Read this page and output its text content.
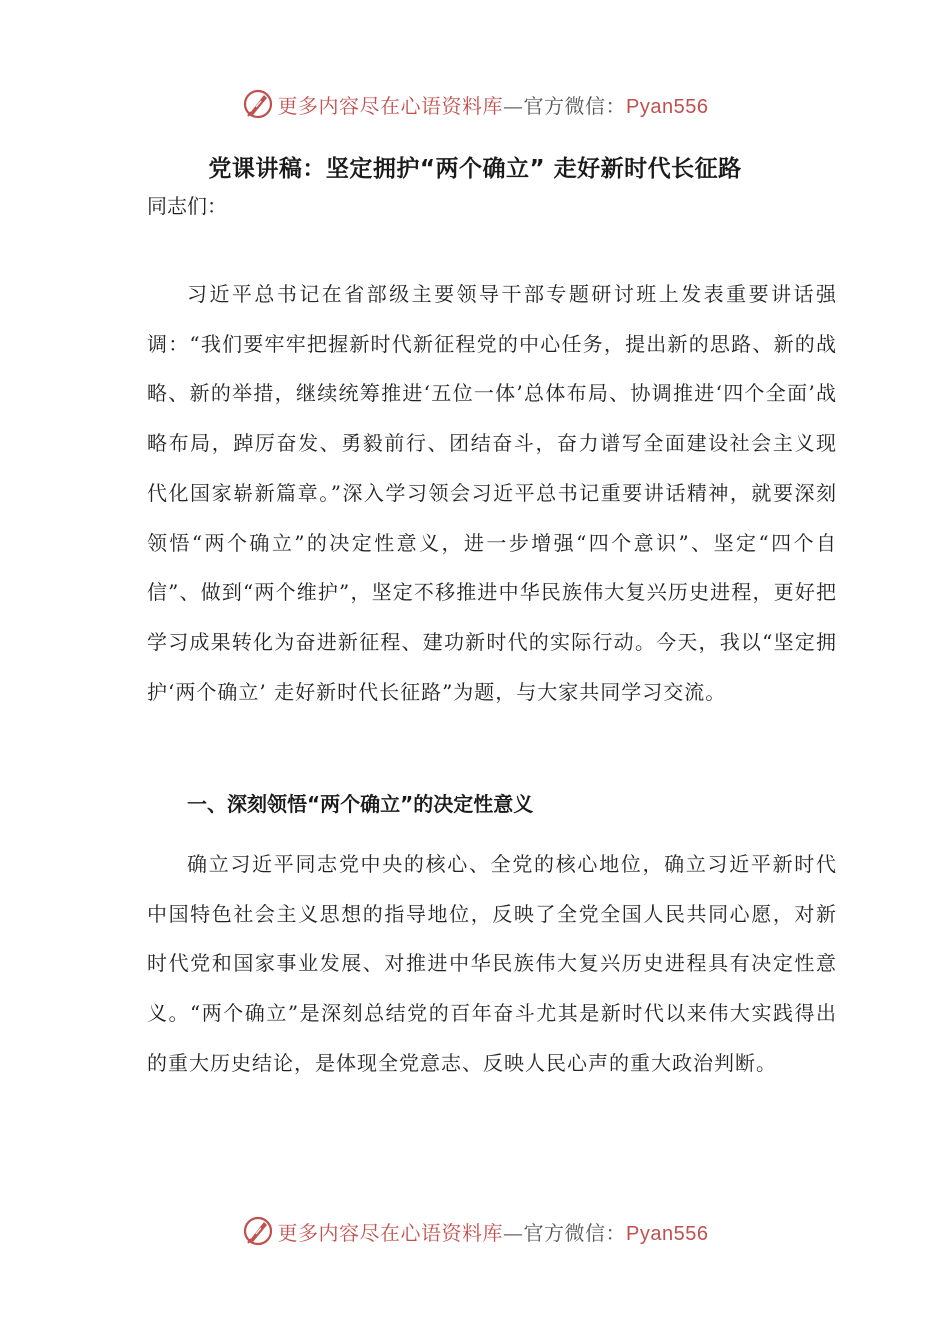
更多内容尽在心语资料库—官方微信：Pyan556
党课讲稿：坚定拥护“两个确立” 走好新时代长征路
同志们：

习近平总书记在省部级主要领导干部专题研讨班上发表重要讲话强调：“我们要牢牢把握新时代新征程党的中心任务，提出新的思路、新的战略、新的举措，继续统筹推进‘五位一体’总体布局、协调推进‘四个全面’战略布局，踔厉奋发、勇毅前行、团结奋斗，奋力谱写全面建设社会主义现代化国家崭新篇章。”深入学习领会习近平总书记重要讲话精神，就要深刻领悟“两个确立”的决定性意义，进一步增强“四个意识”、坚定“四个自信”、做到“两个维护”，坚定不移推进中华民族伟大复兴历史进程，更好把学习成果转化为奋进新征程、建功新时代的实际行动。今天，我以“坚定拥护‘两个确立’ 走好新时代长征路”为题，与大家共同学习交流。

一、深刻领悟“两个确立”的决定性意义

确立习近平同志党中央的核心、全党的核心地位，确立习近平新时代中国特色社会主义思想的指导地位，反映了全党全国人民共同心愿，对新时代党和国家事业发展、对推进中华民族伟大复兴历史进程具有决定性意义。“两个确立”是深刻总结党的百年奋斗尤其是新时代以来伟大实践得出的重大历史结论，是体现全党意志、反映人民心声的重大政治判断。

更多内容尽在心语资料库—官方微信：Pyan556
